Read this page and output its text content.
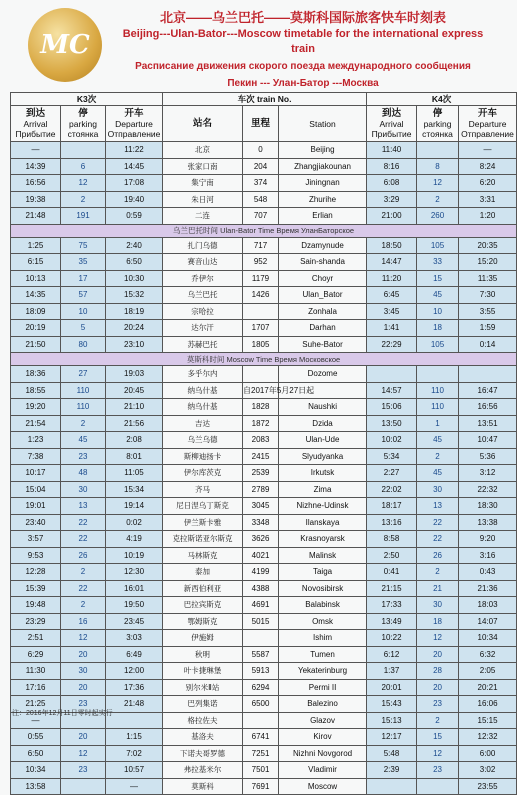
MC
北京——乌兰巴托——莫斯科国际旅客快车时刻表
Beijing---Ulan-Bator---Moscow timetable for the international express train
Расписание движения скорого поезда международного сообщения
Пекин --- Улан-Батор ---Москва
K3次			车次 train No.			K4次		

到达
Arrival
Прибытие	停
parking
стоянка	开车
Departure
Отправление	站名	里程	Station	到达
Arrival
Прибытие	停
parking
стоянка	开车
Departure
Отправление

—		11:22	北京	0	Beijing	11:40		—
14:39	6	14:45	张家口南	204	Zhangjiakounan	8:16	8	8:24
16:56	12	17:08	集宁南	374	Jiningnan	6:08	12	6:20
19:38	2	19:40	朱日河	548	Zhurihe	3:29	2	3:31
21:48	191	0:59	二连	707	Erlian	21:00	260	1:20
乌兰巴托时间 Ulan-Bator Time Время УланБаторское								
1:25	75	2:40	扎门乌德	717	Dzamynude	18:50	105	20:35
6:15	35	6:50	赛音山达	952	Sain-shanda	14:47	33	15:20
10:13	17	10:30	乔伊尔	1179	Choyr	11:20	15	11:35
14:35	57	15:32	乌兰巴托	1426	Ulan_Bator	6:45	45	7:30
18:09	10	18:19	宗哈拉		Zonhala	3:45	10	3:55
20:19	5	20:24	达尔汗	1707	Darhan	1:41	18	1:59
21:50	80	23:10	苏赫巴托	1805	Suhe-Bator	22:29	105	0:14
莫斯科时间 Moscow Time Время Московское								
18:36	27	19:03	多乎尔内		Dozome			
18:55	110	20:45	纳乌什基	自2017年5月27日起		14:57	110	16:47
19:20	110	21:10	纳乌什基	1828	Naushki	15:06	110	16:56
21:54	2	21:56	吉达	1872	Dzida	13:50	1	13:51
1:23	45	2:08	乌兰乌德	2083	Ulan-Ude	10:02	45	10:47
7:38	23	8:01	斯柳迪扬卡	2415	Slyudyanka	5:34	2	5:36
10:17	48	11:05	伊尔库茨克	2539	Irkutsk	2:27	45	3:12
15:04	30	15:34	齐马	2789	Zima	22:02	30	22:32
19:01	13	19:14	尼日涅乌丁斯克	3045	Nizhne-Udinsk	18:17	13	18:30
23:40	22	0:02	伊兰斯卡雅	3348	Ilanskaya	13:16	22	13:38
3:57	22	4:19	克拉斯诺亚尔斯克	3626	Krasnoyarsk	8:58	22	9:20
9:53	26	10:19	马林斯克	4021	Malinsk	2:50	26	3:16
12:28	2	12:30	泰加	4199	Taiga	0:41	2	0:43
15:39	22	16:01	新西伯利亚	4388	Novosibirsk	21:15	21	21:36
19:48	2	19:50	巴拉宾斯克	4691	Balabinsk	17:33	30	18:03
23:29	16	23:45	鄂姆斯克	5015	Omsk	13:49	18	14:07
2:51	12	3:03	伊施姆		Ishim	10:22	12	10:34
6:29	20	6:49	秋明	5587	Tumen	6:12	20	6:32
11:30	30	12:00	叶卡捷琳堡	5913	Yekaterinburg	1:37	28	2:05
17:16	20	17:36	别尔米Ⅱ站	6294	Permi II	20:01	20	20:21
21:25	23	21:48	巴列集诺	6500	Balezino	15:43	23	16:06
—			格拉佐夫		Glazov	15:13	2	15:15
0:55	20	1:15	基洛夫	6741	Kirov	12:17	15	12:32
6:50	12	7:02	下诺夫哥罗德	7251	Nizhni Novgorod	5:48	12	6:00
10:34	23	10:57	弗拉基米尔	7501	Vladimir	2:39	23	3:02
13:58		—	莫斯科	7691	Moscow			23:55
注：2016年12月11日零时起实行
